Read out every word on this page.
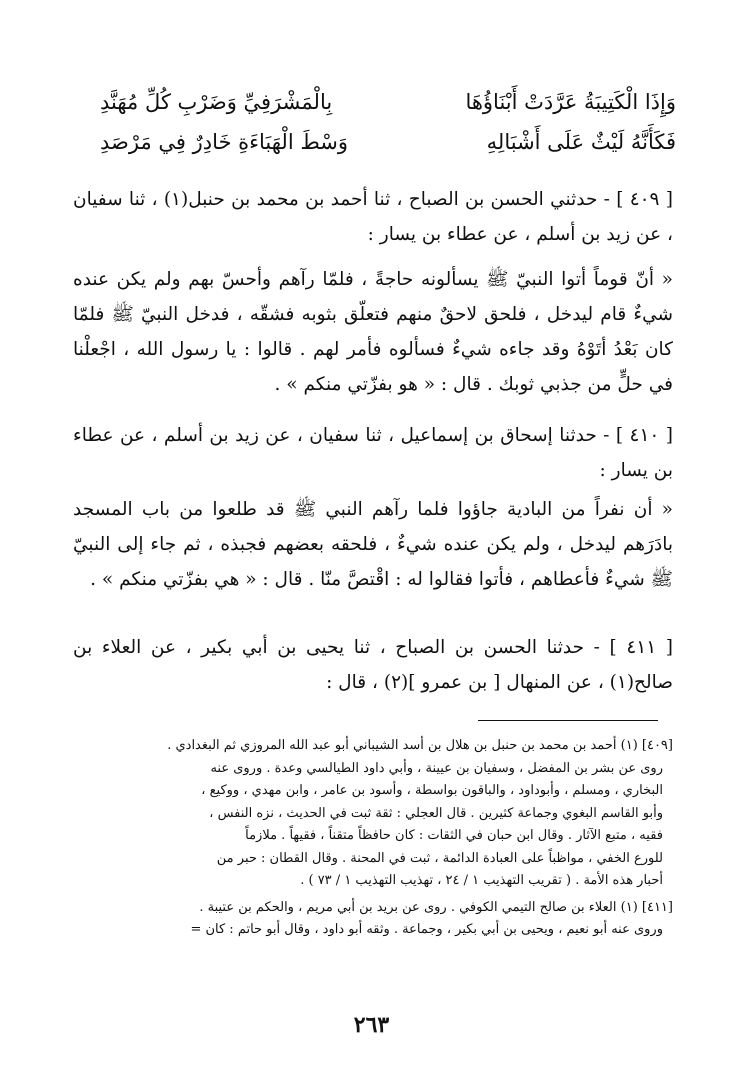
وَإِذَا الْكَتِيبَةُ عَرَّدَتْ أَبْنَاؤُهَا
بِالْمَشْرَفِيِّ وَضَرْبِ كُلِّ مُهَنَّدِ
فَكَأَنَّهُ لَيْثٌ عَلَى أَشْبَالِهِ
وَسْطَ الْهَبَاءَةِ خَادِرٌ فِي مَرْصَدِ

[ ٤٠٩ ] - حدثني الحسن بن الصباح ، ثنا أحمد بن محمد بن حنبل(١) ، ثنا سفيان ، عن زيد بن أسلم ، عن عطاء بن يسار :

« أنّ قوماً أتوا النبيّ ﷺ يسألونه حاجةً ، فلمّا رآهم وأحسّ بهم ولم يكن عنده شيءٌ قام ليدخل ، فلحق لاحقٌ منهم فتعلّق بثوبه فشقّه ، فدخل النبيّ ﷺ فلمّا كان بَعْدُ أتَوْهُ وقد جاءه شيءٌ فسألوه فأمر لهم . قالوا : يا رسول الله ، اجْعلْنا في حلٍّ من جذبي ثوبك . قال : « هو بفزّتي منكم » .

[ ٤١٠ ] - حدثنا إسحاق بن إسماعيل ، ثنا سفيان ، عن زيد بن أسلم ، عن عطاء بن يسار :

« أن نفراً من البادية جاؤوا فلما رآهم النبي ﷺ قد طلعوا من باب المسجد بادَرَهم ليدخل ، ولم يكن عنده شيءٌ ، فلحقه بعضهم فجبذه ، ثم جاء إلى النبيّ ﷺ شيءٌ فأعطاهم ، فأتوا فقالوا له : اقْتصَّ منّا . قال : « هي بفزّتي منكم » .

[ ٤١١ ] - حدثنا الحسن بن الصباح ، ثنا يحيى بن أبي بكير ، عن العلاء بن صالح(١) ، عن المنهال [ بن عمرو ](٢) ، قال :

[٤٠٩] (١) أحمد بن محمد بن حنبل بن هلال بن أسد الشيباني أبو عبد الله المروزي ثم البغدادي .
روى عن بشر بن المفضل ، وسفيان بن عيينة ، وأبي داود الطيالسي وعدة . وروى عنه
البخاري ، ومسلم ، وأبوداود ، والباقون بواسطة ، وأسود بن عامر ، وابن مهدي ، ووكيع ،
وأبو القاسم البغوي وجماعة كثيرين . قال العجلي : ثقة ثبت في الحديث ، نزه النفس ،
فقيه ، متبع الآثار . وقال ابن حبان في الثقات : كان حافظاً متقناً ، فقيهاً . ملازماً
للورع الخفي ، مواظباً على العبادة الدائمة ، ثبت في المحنة . وقال القطان : حبر من
أحبار هذه الأمة . ( تقريب التهذيب ١ / ٢٤ ، تهذيب التهذيب ١ / ٧٣ ) .
[٤١١] (١) العلاء بن صالح التيمي الكوفي . روى عن بريد بن أبي مريم ، والحكم بن عتيبة .
وروى عنه أبو نعيم ، ويحيى بن أبي بكير ، وجماعة . وثقه أبو داود ، وقال أبو حاتم : كان =
٢٦٣
